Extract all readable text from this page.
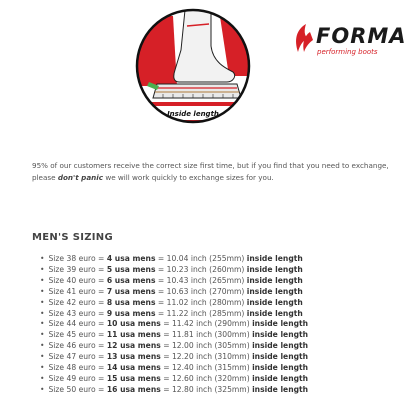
Inside length
FORMA
performing boots

95% of our customers receive the correct size first time, but if you find that you need to exchange, please don't panic we will work quickly to exchange sizes for you.

MEN'S SIZING
• Size 38 euro = 4 usa mens = 10.04 inch (255mm) inside length
• Size 39 euro = 5 usa mens = 10.23 inch (260mm) inside length
• Size 40 euro = 6 usa mens = 10.43 inch (265mm) inside length
• Size 41 euro = 7 usa mens = 10.63 inch (270mm) inside length
• Size 42 euro = 8 usa mens = 11.02 inch (280mm) inside length
• Size 43 euro = 9 usa mens = 11.22 inch (285mm) inside length
• Size 44 euro = 10 usa mens = 11.42 inch (290mm) inside length
• Size 45 euro = 11 usa mens = 11.81 inch (300mm) inside length
• Size 46 euro = 12 usa mens = 12.00 inch (305mm) inside length
• Size 47 euro = 13 usa mens = 12.20 inch (310mm) inside length
• Size 48 euro = 14 usa mens = 12.40 inch (315mm) inside length
• Size 49 euro = 15 usa mens = 12.60 inch (320mm) inside length
• Size 50 euro = 16 usa mens = 12.80 inch (325mm) inside length
